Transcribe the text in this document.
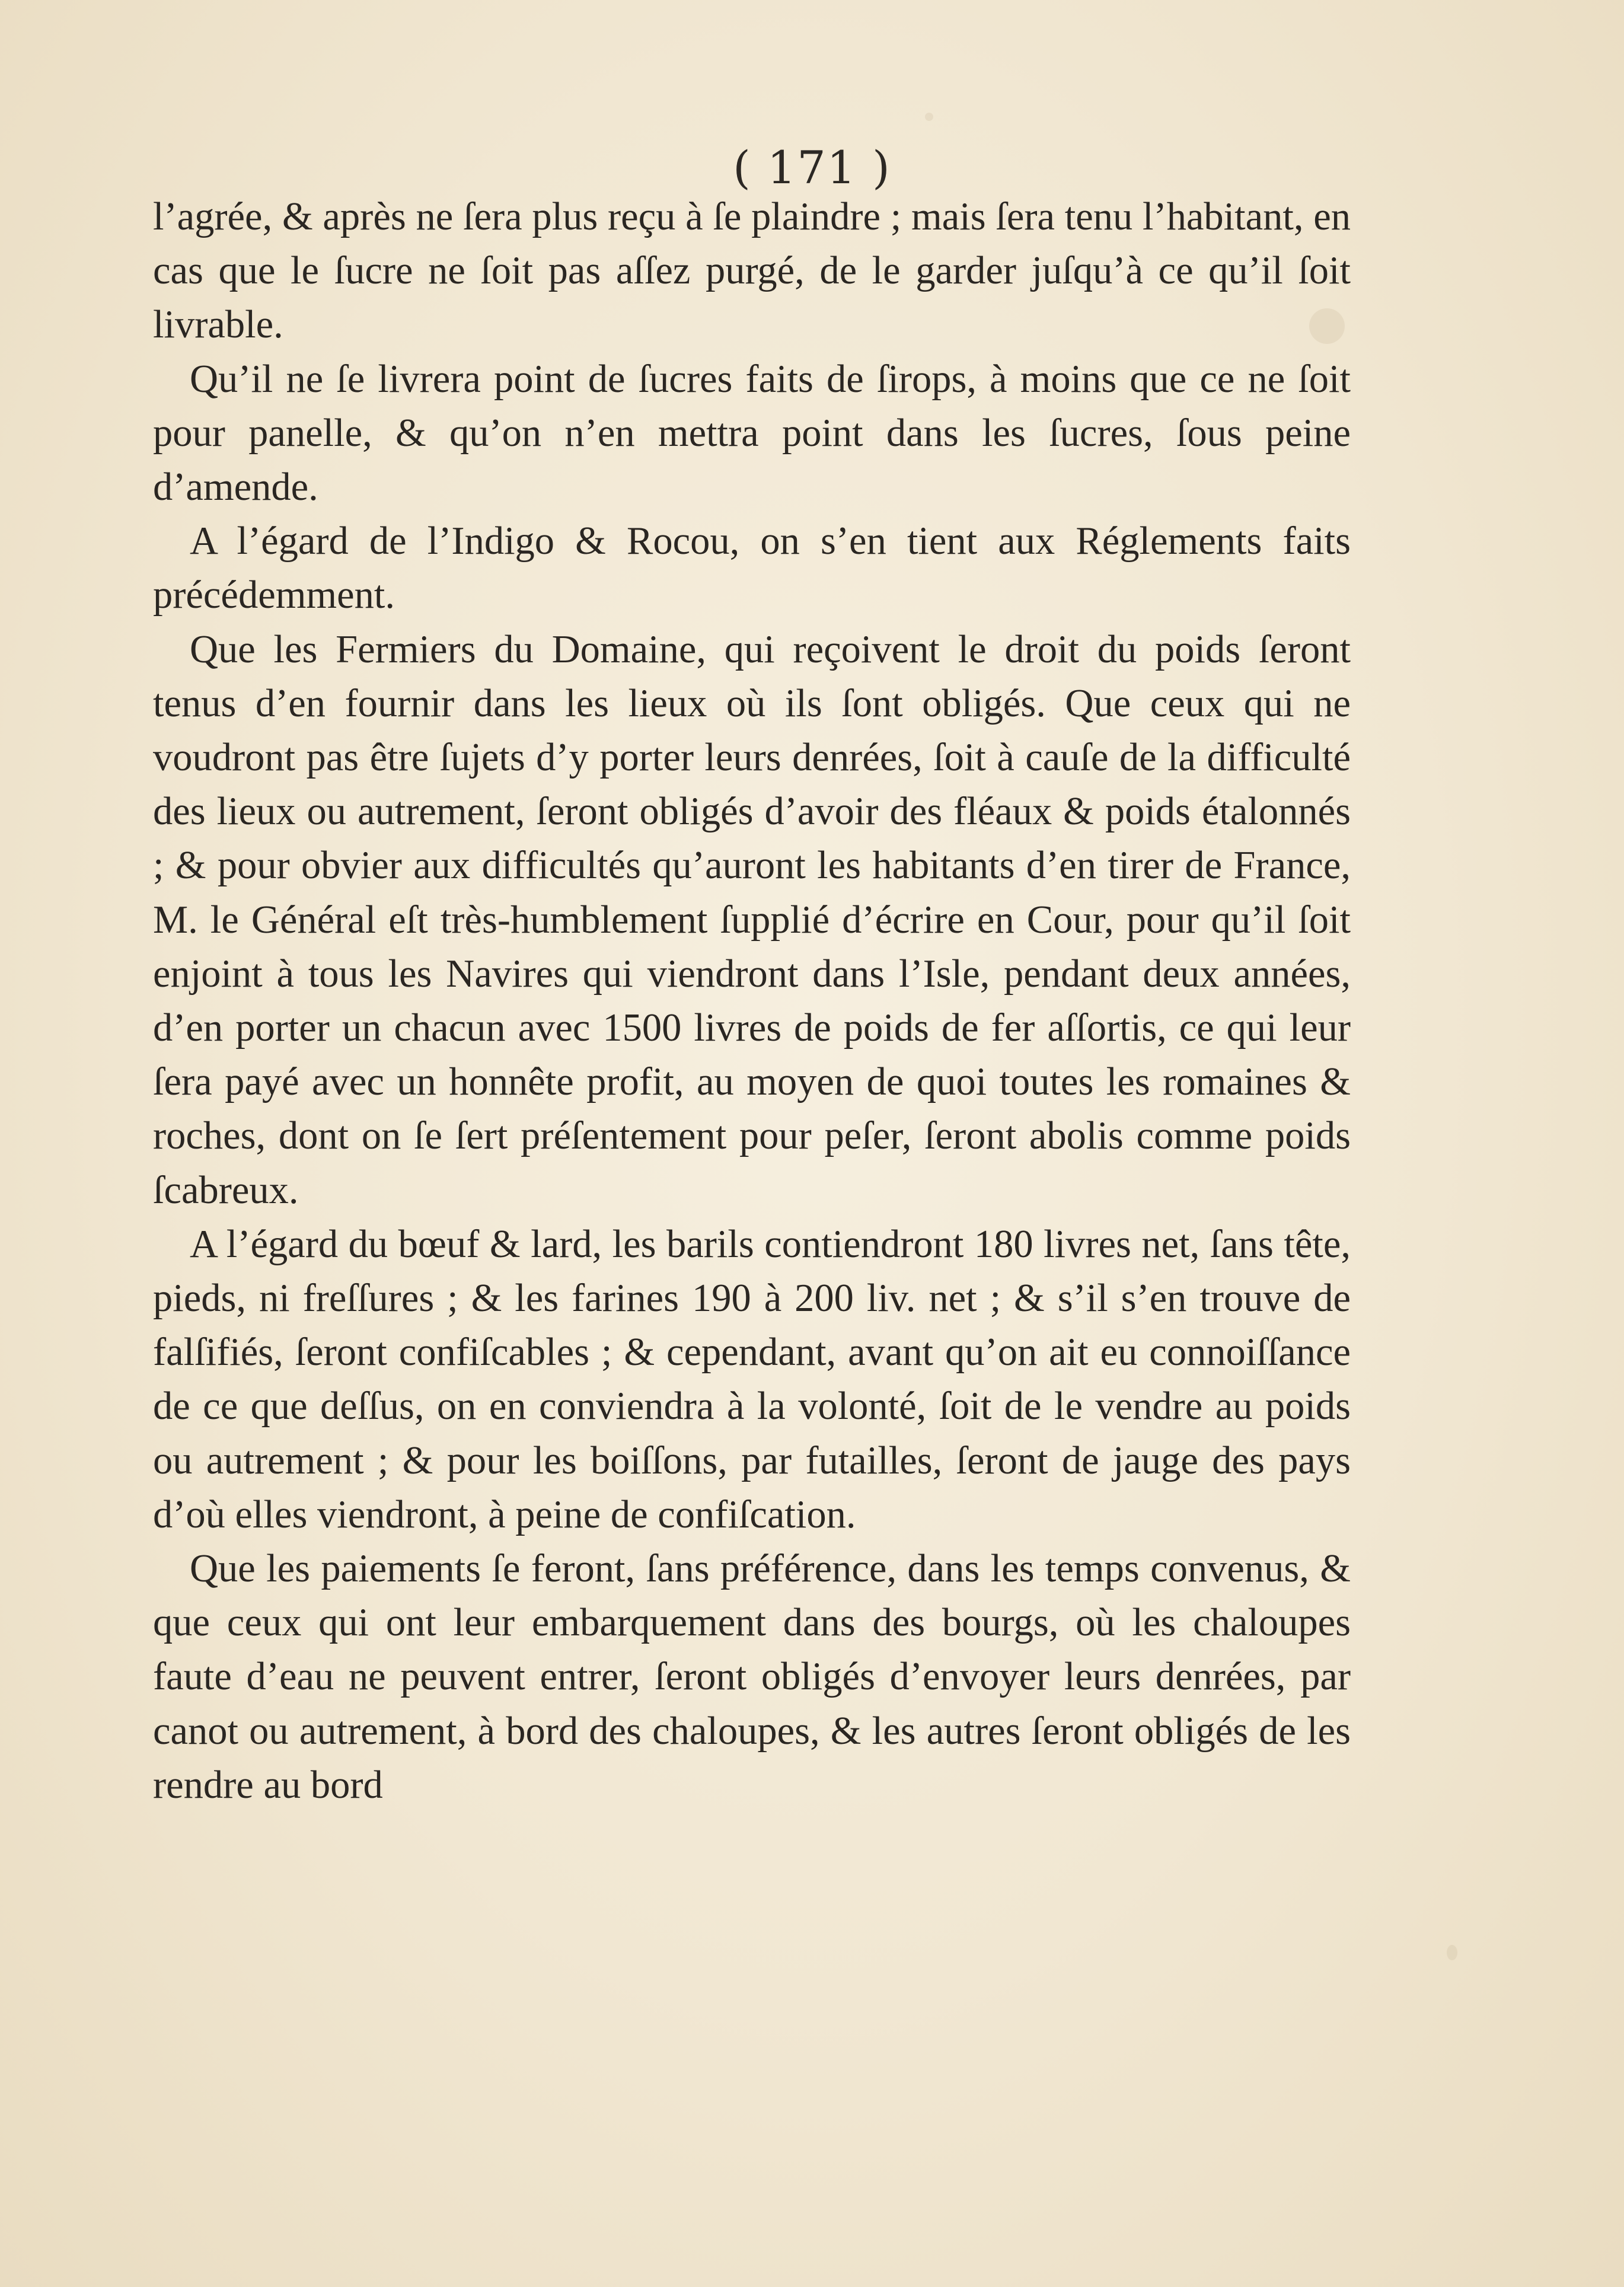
( 171 )

l’agrée, & après ne ſera plus reçu à ſe plaindre ; mais ſera tenu l’habitant, en cas que le ſucre ne ſoit pas aſſez purgé, de le garder juſqu’à ce qu’il ſoit livrable.

Qu’il ne ſe livrera point de ſucres faits de ſirops, à moins que ce ne ſoit pour panelle, & qu’on n’en mettra point dans les ſucres, ſous peine d’amende.

A l’égard de l’Indigo & Rocou, on s’en tient aux Réglements faits précédemment.

Que les Fermiers du Domaine, qui reçoivent le droit du poids ſeront tenus d’en fournir dans les lieux où ils ſont obligés. Que ceux qui ne voudront pas être ſujets d’y porter leurs denrées, ſoit à cauſe de la difficulté des lieux ou autrement, ſeront obligés d’avoir des fléaux & poids étalonnés ; & pour obvier aux difficultés qu’auront les habitants d’en tirer de France, M. le Général eſt très-humblement ſupplié d’écrire en Cour, pour qu’il ſoit enjoint à tous les Navires qui viendront dans l’Isle, pendant deux années, d’en porter un chacun avec 1500 livres de poids de fer aſſortis, ce qui leur ſera payé avec un honnête profit, au moyen de quoi toutes les romaines & roches, dont on ſe ſert préſentement pour peſer, ſeront abolis comme poids ſcabreux.

A l’égard du bœuf & lard, les barils contiendront 180 livres net, ſans tête, pieds, ni freſſures ; & les farines 190 à 200 liv. net ; & s’il s’en trouve de falſifiés, ſeront confiſcables ; & cependant, avant qu’on ait eu connoiſſance de ce que deſſus, on en conviendra à la volonté, ſoit de le vendre au poids ou autrement ; & pour les boiſſons, par futailles, ſeront de jauge des pays d’où elles viendront, à peine de confiſcation.

Que les paiements ſe feront, ſans préférence, dans les temps convenus, & que ceux qui ont leur embarquement dans des bourgs, où les chaloupes faute d’eau ne peuvent entrer, ſeront obligés d’envoyer leurs denrées, par canot ou autrement, à bord des chaloupes, & les autres ſeront obligés de les rendre au bord
